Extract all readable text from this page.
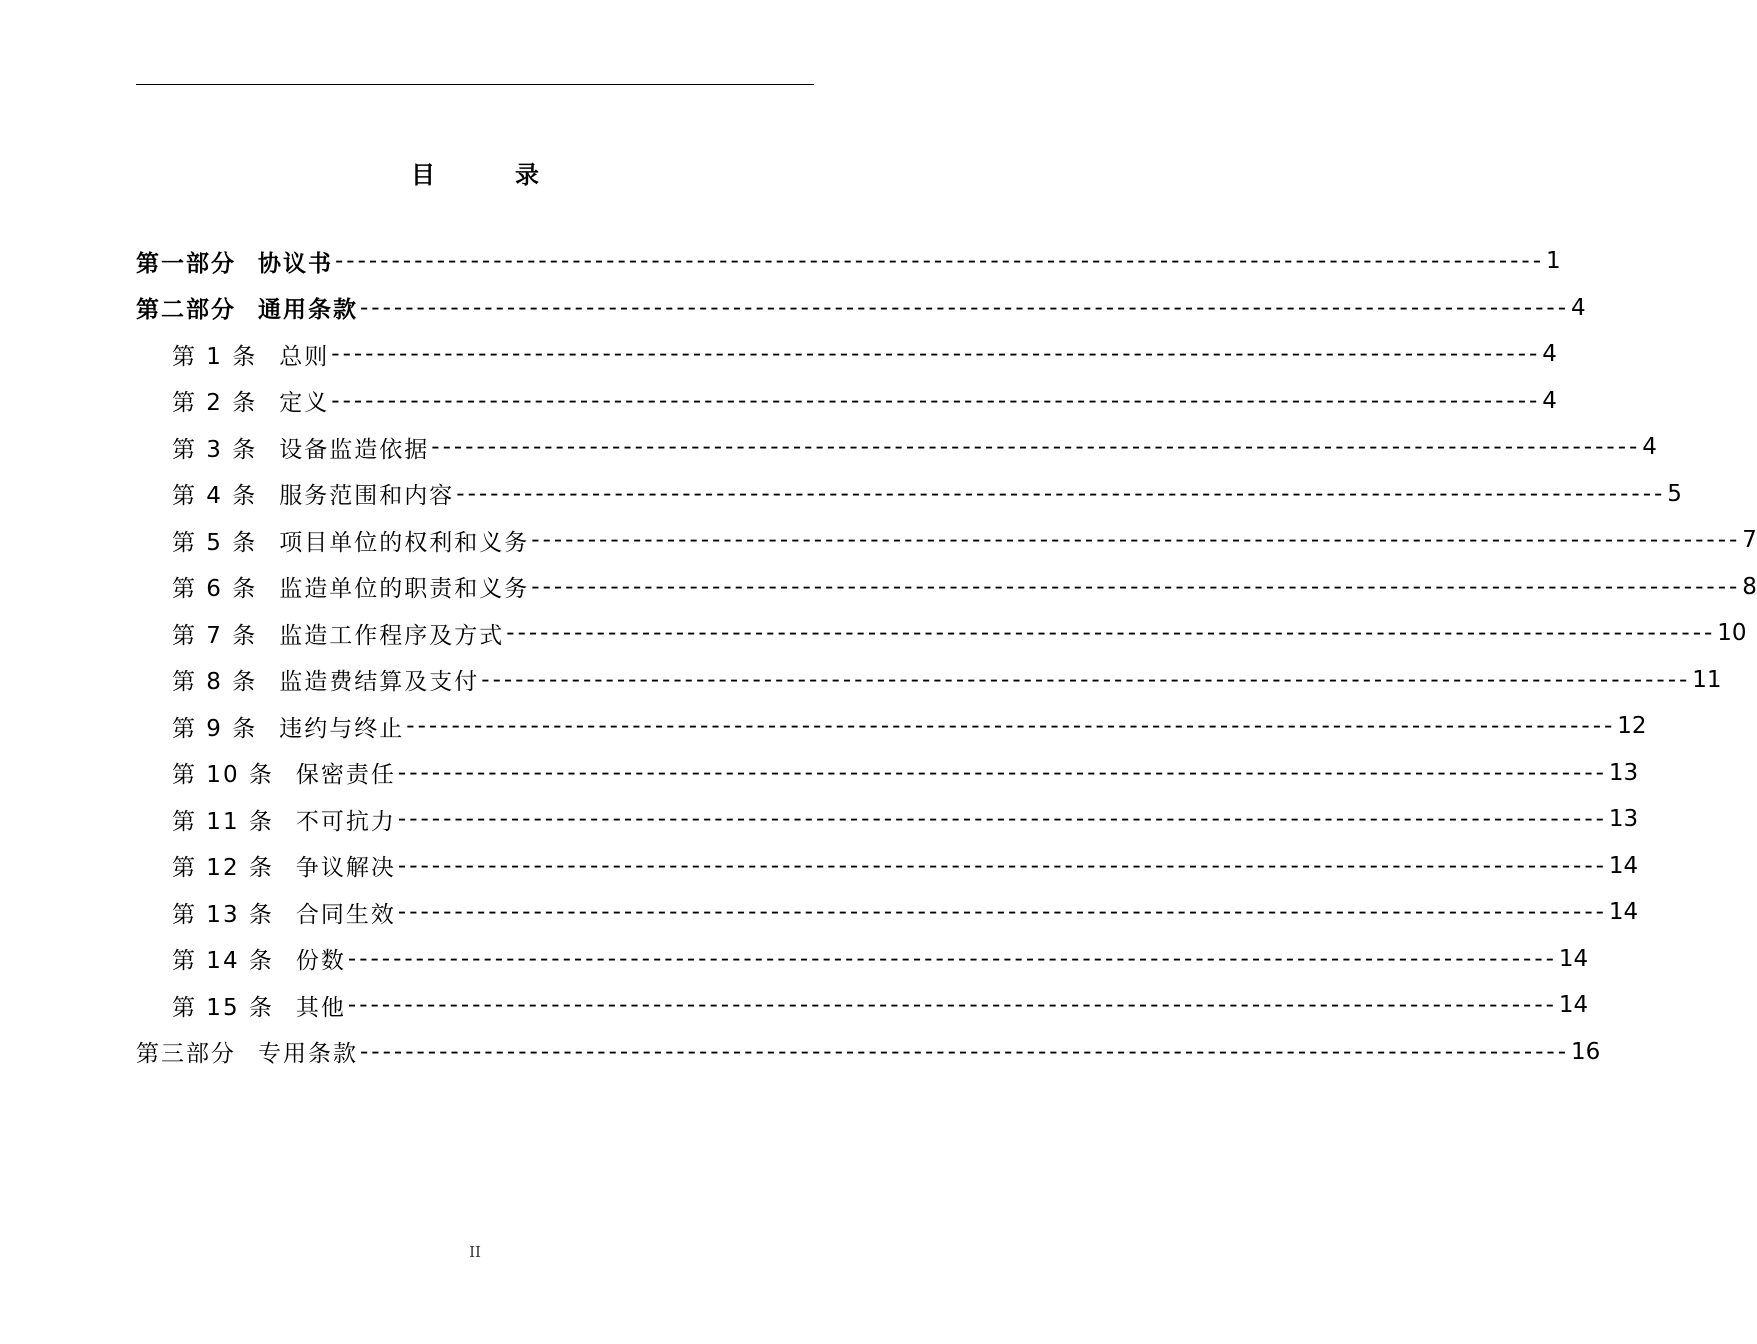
目　录
第一部分 协议书 ----------------------------------------------------------------------------------------------------------- 1
第二部分 通用条款 ----------------------------------------------------------------------------------------------------------- 4
第 1 条 总则 ----------------------------------------------------------------------------------------------------------- 4
第 2 条 定义 ----------------------------------------------------------------------------------------------------------- 4
第 3 条 设备监造依据 ----------------------------------------------------------------------------------------------------------- 4
第 4 条 服务范围和内容 ----------------------------------------------------------------------------------------------------------- 5
第 5 条 项目单位的权利和义务 ----------------------------------------------------------------------------------------------------------- 7
第 6 条 监造单位的职责和义务 ----------------------------------------------------------------------------------------------------------- 8
第 7 条 监造工作程序及方式 ----------------------------------------------------------------------------------------------------------- 10
第 8 条 监造费结算及支付 ----------------------------------------------------------------------------------------------------------- 11
第 9 条 违约与终止 ----------------------------------------------------------------------------------------------------------- 12
第 10 条 保密责任 ----------------------------------------------------------------------------------------------------------- 13
第 11 条 不可抗力 ----------------------------------------------------------------------------------------------------------- 13
第 12 条 争议解决 ----------------------------------------------------------------------------------------------------------- 14
第 13 条 合同生效 ----------------------------------------------------------------------------------------------------------- 14
第 14 条 份数 ----------------------------------------------------------------------------------------------------------- 14
第 15 条 其他 ----------------------------------------------------------------------------------------------------------- 14
第三部分 专用条款 ----------------------------------------------------------------------------------------------------------- 16
II
